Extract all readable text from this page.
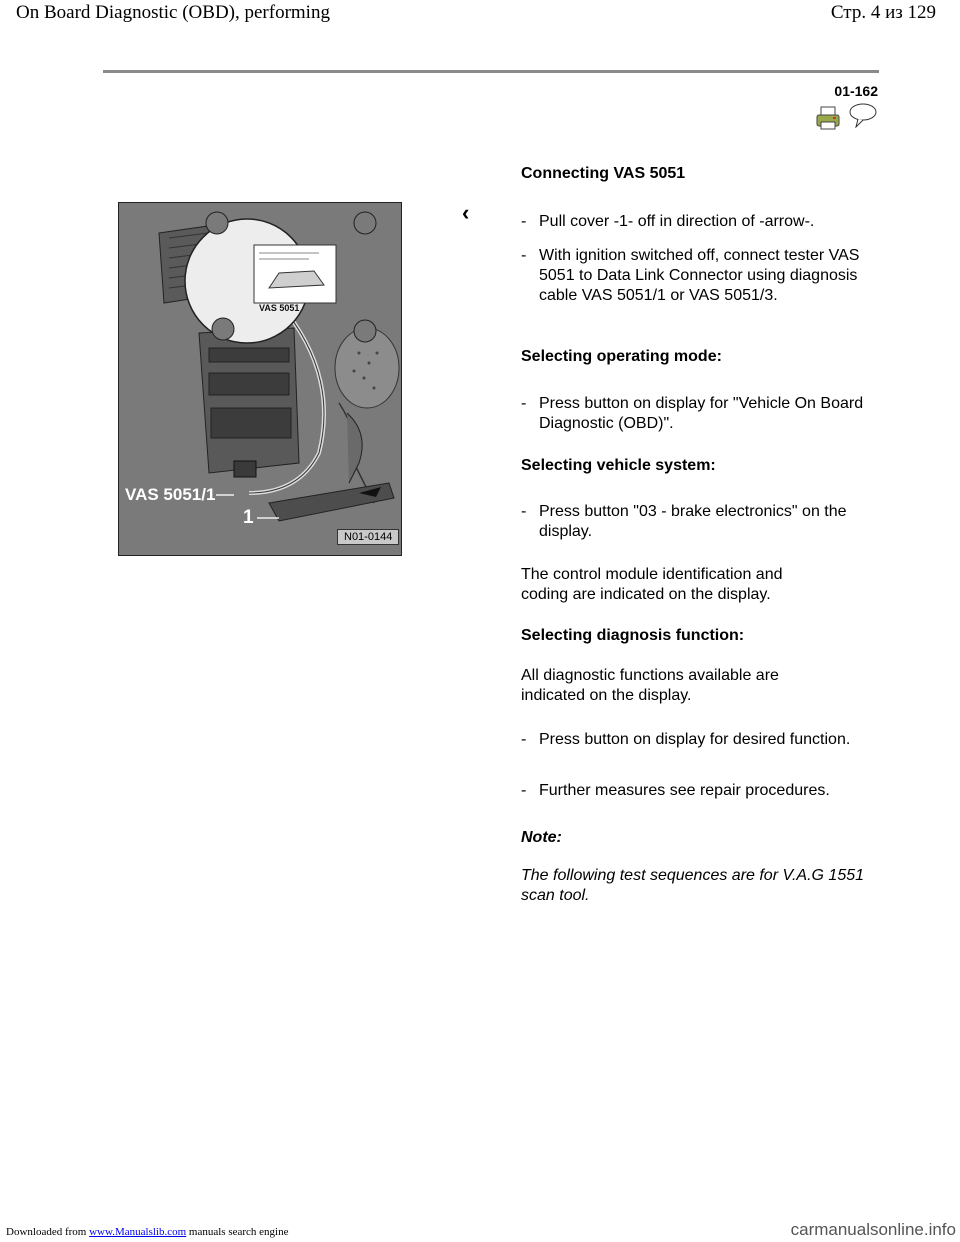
On Board Diagnostic (OBD), performing	Стр. 4 из 129
01-162
Connecting VAS 5051
VAS 5051
VAS 5051/1
1
N01-0144
‹	- Pull cover -1- off in direction of -arrow-.
- With ignition switched off, connect tester VAS 5051 to Data Link Connector using diagnosis cable VAS 5051/1 or VAS 5051/3.
Selecting operating mode:
- Press button on display for "Vehicle On Board Diagnostic (OBD)".
Selecting vehicle system:
- Press button "03 - brake electronics" on the display.
The control module identification and coding are indicated on the display.
Selecting diagnosis function:
All diagnostic functions available are indicated on the display.
- Press button on display for desired function.
- Further measures see repair procedures.
Note:
The following test sequences are for V.A.G 1551 scan tool.
Downloaded from www.Manualslib.com manuals search engine	carmanualsonline.info
